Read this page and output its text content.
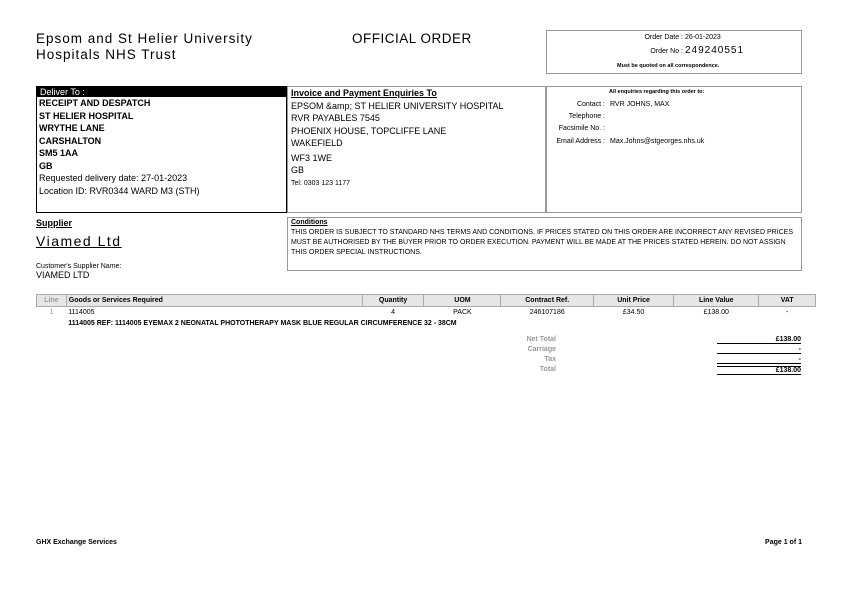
Epsom and St Helier University
Hospitals NHS Trust
OFFICIAL ORDER	Order Date : 26-01-2023
Order No : 249240551
Must be quoted on all correspondence.
Deliver To :
RECEIPT AND DESPATCH
ST HELIER HOSPITAL
WRYTHE LANE
CARSHALTON
SM5 1AA
GB
Requested delivery date: 27-01-2023
Location ID: RVR0344 WARD M3 (STH)
Invoice and Payment Enquiries To
EPSOM &amp; ST HELIER UNIVERSITY HOSPITAL
RVR PAYABLES 7545
PHOENIX HOUSE, TOPCLIFFE LANE
WAKEFIELD
WF3 1WE
GB
Tel: 0303 123 1177
All enquiries regarding this order to:
Contact : RVR JOHNS, MAX
Telephone :
Facsimile No. :
Email Address : Max.Johns@stgeorges.nhs.uk
Supplier
Viamed Ltd
Customer's Supplier Name:
VIAMED LTD
Conditions
THIS ORDER IS SUBJECT TO STANDARD NHS TERMS AND CONDITIONS. IF PRICES STATED ON THIS ORDER ARE INCORRECT ANY REVISED PRICES MUST BE AUTHORISED BY THE BUYER PRIOR TO ORDER EXECUTION. PAYMENT WILL BE MADE AT THE PRICES STATED HEREIN. DO NOT ASSIGN THIS ORDER SPECIAL INSTRUCTIONS.
Line	Goods or Services Required	Quantity	UOM	Contract Ref.	Unit Price	Line Value	VAT
1	1114005	4	PACK	246107186	£34.50	£138.00	-
	1114005 REF: 1114005 EYEMAX 2 NEONATAL PHOTOTHERAPY MASK BLUE REGULAR CIRCUMFERENCE 32 - 38CM						
Net Total	£138.00
Carriage	-
Tax	-
Total	£138.00
GHX Exchange Services	Page 1 of 1
